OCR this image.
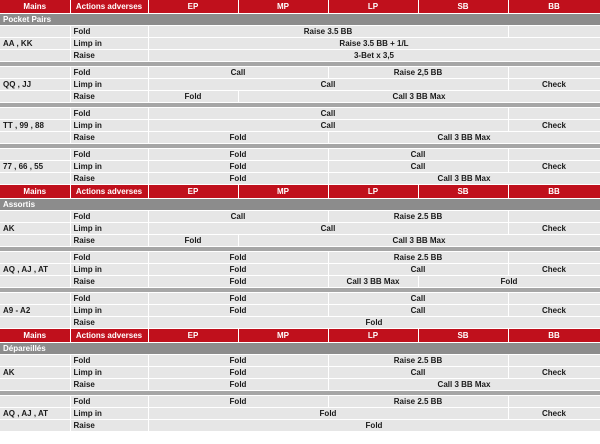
Mains	Actions adverses	EP	MP	LP	SB	BB
Pocket Pairs						
	Fold	Raise 3.5 BB				
AA , KK	Limp in	Raise 3.5 BB + 1/L				
	Raise	3-Bet x 3,5				

	Fold	Call		Raise 2,5 BB		
QQ , JJ	Limp in	Call				Check
	Raise	Fold	Call 3 BB Max			

	Fold	Call				
TT , 99 , 88	Limp in	Call				Check
	Raise	Fold		Call 3 BB Max		

	Fold	Fold		Call		
77 , 66 , 55	Limp in	Fold		Call		Check
	Raise	Fold		Call 3 BB Max		
Mains	Actions adverses	EP	MP	LP	SB	BB
Assortis						
	Fold	Call		Raise 2.5 BB		
AK	Limp in	Call				Check
	Raise	Fold	Call 3 BB Max			

	Fold	Fold		Raise 2.5 BB		
AQ , AJ , AT	Limp in	Fold		Call		Check
	Raise	Fold		Call 3 BB Max	Fold	

	Fold	Fold		Call		
A9 - A2	Limp in	Fold		Call		Check
	Raise	Fold				
Mains	Actions adverses	EP	MP	LP	SB	BB
Dépareillés						
	Fold	Fold		Raise 2.5 BB		
AK	Limp in	Fold		Call		Check
	Raise	Fold		Call 3 BB Max		

	Fold	Fold		Raise 2.5 BB		
AQ , AJ , AT	Limp in	Fold				Check
	Raise	Fold				
